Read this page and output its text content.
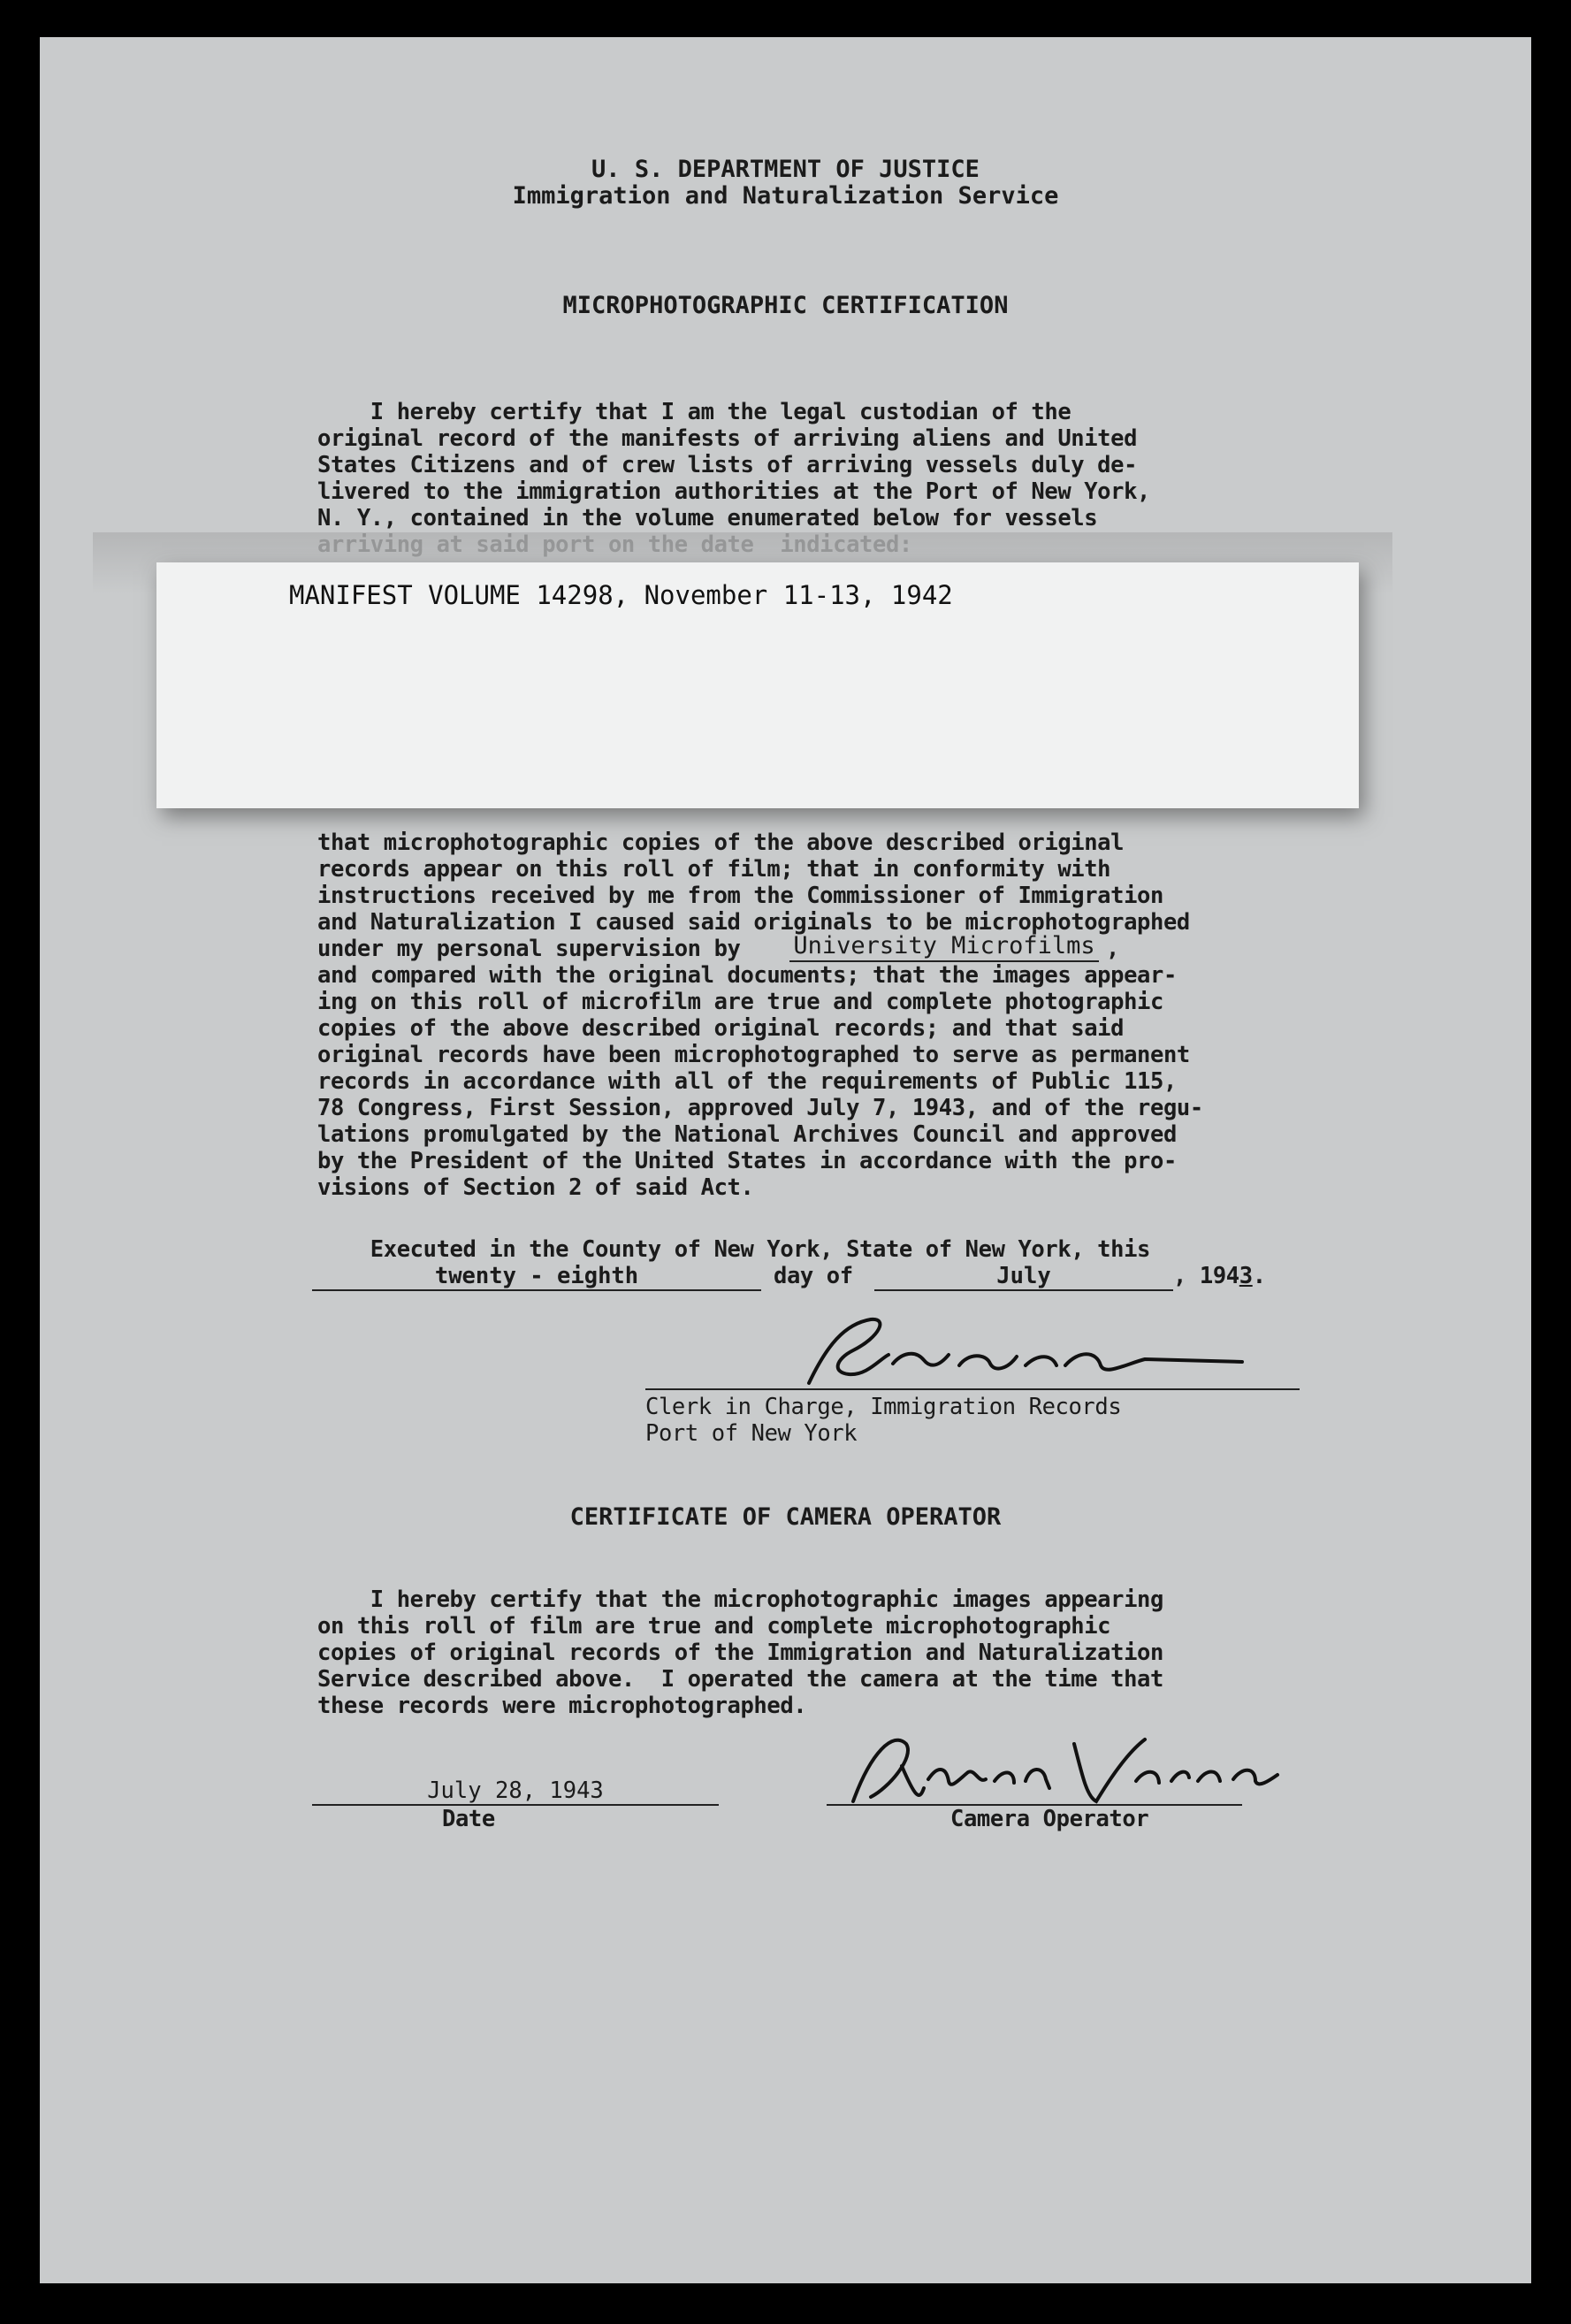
U. S. DEPARTMENT OF JUSTICE
Immigration and Naturalization Service
MICROPHOTOGRAPHIC CERTIFICATION
I hereby certify that I am the legal custodian of the
original record of the manifests of arriving aliens and United
States Citizens and of crew lists of arriving vessels duly de-
livered to the immigration authorities at the Port of New York,
N. Y., contained in the volume enumerated below for vessels
MANIFEST VOLUME 14298, November 11-13, 1942
that microphotographic copies of the above described original
records appear on this roll of film; that in conformity with
instructions received by me from the Commissioner of Immigration
and Naturalization I caused said originals to be microphotographed
under my personal supervision by University Microfilms ,
and compared with the original documents; that the images appear-
ing on this roll of microfilm are true and complete photographic
copies of the above described original records; and that said
original records have been microphotographed to serve as permanent
records in accordance with all of the requirements of Public 115,
78 Congress, First Session, approved July 7, 1943, and of the regu-
lations promulgated by the National Archives Council and approved
by the President of the United States in accordance with the pro-
visions of Section 2 of said Act.
Executed in the County of New York, State of New York, this
twenty - eighth	day of	July	, 1943.
Clerk in Charge, Immigration Records
Port of New York
CERTIFICATE OF CAMERA OPERATOR
I hereby certify that the microphotographic images appearing
on this roll of film are true and complete microphotographic
copies of original records of the Immigration and Naturalization
Service described above.  I operated the camera at the time that
these records were microphotographed.
July 28, 1943
Date	Camera Operator
